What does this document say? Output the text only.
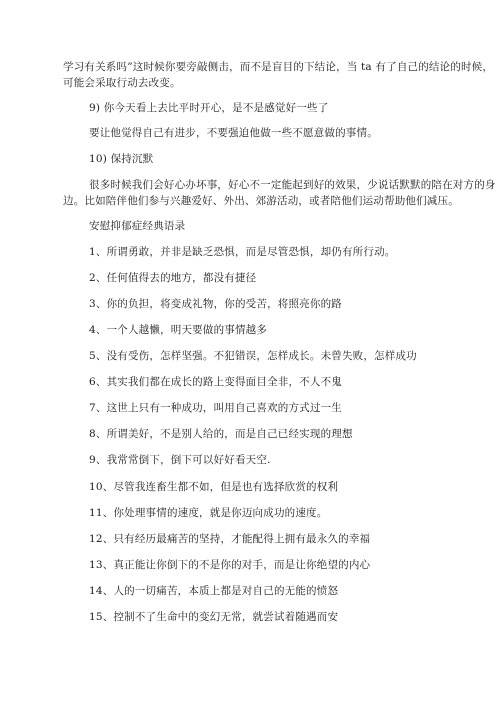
学习有关系吗”这时候你要旁敲侧击，而不是盲目的下结论，当 ta 有了自己的结论的时候，
可能会采取行动去改变。
9) 你今天看上去比平时开心，是不是感觉好一些了
要让他觉得自己有进步，不要强迫他做一些不愿意做的事情。
10) 保持沉默
很多时候我们会好心办坏事，好心不一定能起到好的效果，少说话默默的陪在对方的身
边。比如陪伴他们参与兴趣爱好、外出、郊游活动，或者陪他们运动帮助他们减压。
安慰抑郁症经典语录
1、所谓勇敢，并非是缺乏恐惧，而是尽管恐惧，却仍有所行动。
2、任何值得去的地方，都没有捷径
3、你的负担，将变成礼物，你的受苦，将照亮你的路
4、一个人越懒，明天要做的事情越多
5、没有受伤，怎样坚强。不犯错误，怎样成长。未曾失败，怎样成功
6、其实我们都在成长的路上变得面目全非，不人不鬼
7、这世上只有一种成功，叫用自己喜欢的方式过一生
8、所谓美好，不是别人给的，而是自己已经实现的理想
9、我常常倒下，倒下可以好好看天空.
10、尽管我连畜生都不如，但是也有选择欣赏的权利
11、你处理事情的速度，就是你迈向成功的速度。
12、只有经历最痛苦的坚持，才能配得上拥有最永久的幸福
13、真正能让你倒下的不是你的对手，而是让你绝望的内心
14、人的一切痛苦，本质上都是对自己的无能的愤怒
15、控制不了生命中的变幻无常，就尝试着随遇而安
